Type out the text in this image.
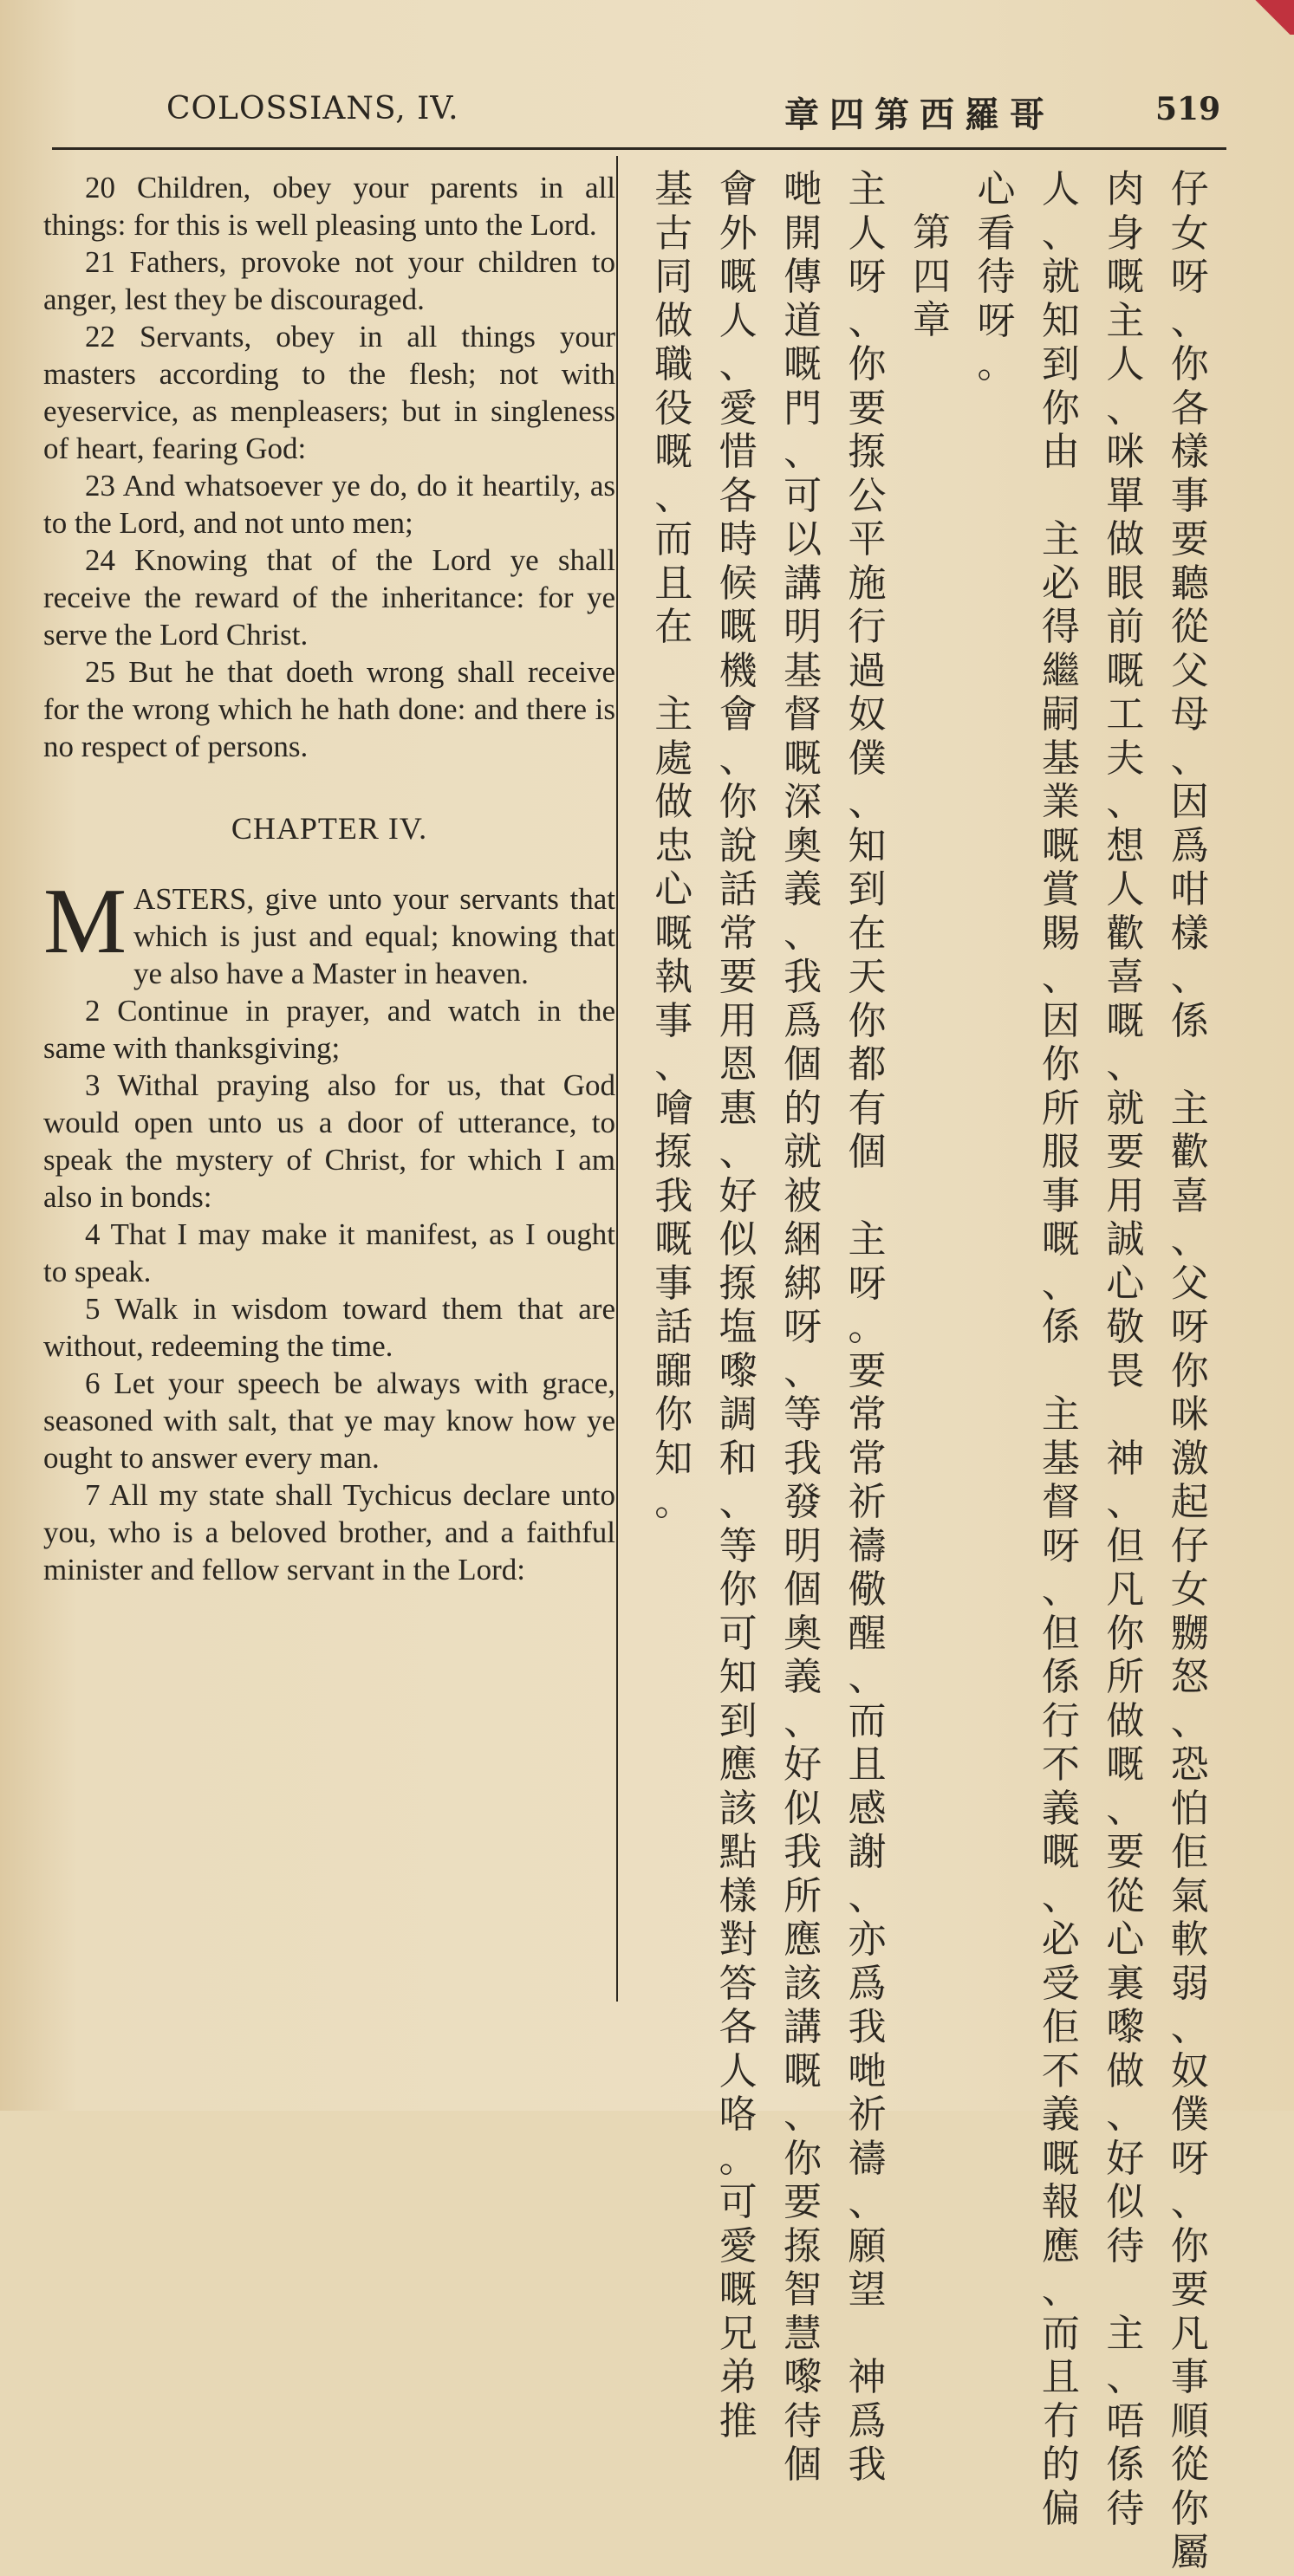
COLOSSIANS, IV.	章四第西羅哥	519

20 Children, obey your parents in all things: for this is well pleasing unto the Lord.

21 Fathers, provoke not your children to anger, lest they be discouraged.

22 Servants, obey in all things your masters according to the flesh; not with eyeservice, as menpleasers; but in singleness of heart, fearing God:

23 And whatsoever ye do, do it heartily, as to the Lord, and not unto men;

24 Knowing that of the Lord ye shall receive the reward of the inheritance: for ye serve the Lord Christ.

25 But he that doeth wrong shall receive for the wrong which he hath done: and there is no respect of persons.

CHAPTER IV.

MASTERS, give unto your servants that which is just and equal; knowing that ye also have a Master in heaven.

2 Continue in prayer, and watch in the same with thanksgiving;

3 Withal praying also for us, that God would open unto us a door of utterance, to speak the mystery of Christ, for which I am also in bonds:

4 That I may make it manifest, as I ought to speak.

5 Walk in wisdom toward them that are without, redeeming the time.

6 Let your speech be always with grace, seasoned with salt, that ye may know how ye ought to answer every man.

7 All my state shall Tychicus declare unto you, who is a beloved brother, and a faithful minister and fellow servant in the Lord:

仔
女
呀
、
你
各
樣
事
要
聽
從
父
母
、
因
爲
咁
樣
、
係

主
歡
喜
、
父
呀
你
咪
激
起
仔
女
嬲
怒
、
恐
怕
佢
氣
軟
弱
、
奴
僕
呀
、
你
要
凡
事
順
從
你
屬
肉
身
嘅
主
人
、
咪
單
做
眼
前
嘅
工
夫
、
想
人
歡
喜
嘅
、
就
要
用
誠
心
敬
畏

神
、
但
凡
你
所
做
嘅
、
要
從
心
裏
嚟
做
、
好
似
待

主
、
唔
係
待
人
、
就
知
到
你
由

主
必
得
繼
嗣
基
業
嘅
賞
賜
、
因
你
所
服
事
嘅
、
係

主
基
督
呀
、
但
係
行
不
義
嘅
、
必
受
佢
不
義
嘅
報
應
、
而
且
冇
的
偏
心
看
待
呀
。
第
四
章
主
人
呀
、
你
要
揼
公
平
施
行
過
奴
僕
、
知
到
在
天
你
都
有
個

主
呀
。
要
常
常
祈
禱
儆
醒
、
而
且
感
謝
、
亦
爲
我
哋
祈
禱
、
願
望

神
爲
我
哋
開
傳
道
嘅
門
、
可
以
講
明
基
督
嘅
深
奧
義
、
我
爲
個
的
就
被
綑
綁
呀
、
等
我
發
明
個
奧
義
、
好
似
我
所
應
該
講
嘅
、
你
要
揼
智
慧
嚟
待
個
會
外
嘅
人
、
愛
惜
各
時
候
嘅
機
會
、
你
說
話
常
要
用
恩
惠
、
好
似
揼
塩
嚟
調
和
、
等
你
可
知
到
應
該
點
樣
對
答
各
人
咯
。
可
愛
嘅
兄
弟
推
基
古
同
做
職
役
嘅
、
而
且
在

主
處
做
忠
心
嘅
執
事
、
噲
揼
我
嘅
事
話
嚻
你
知
。
